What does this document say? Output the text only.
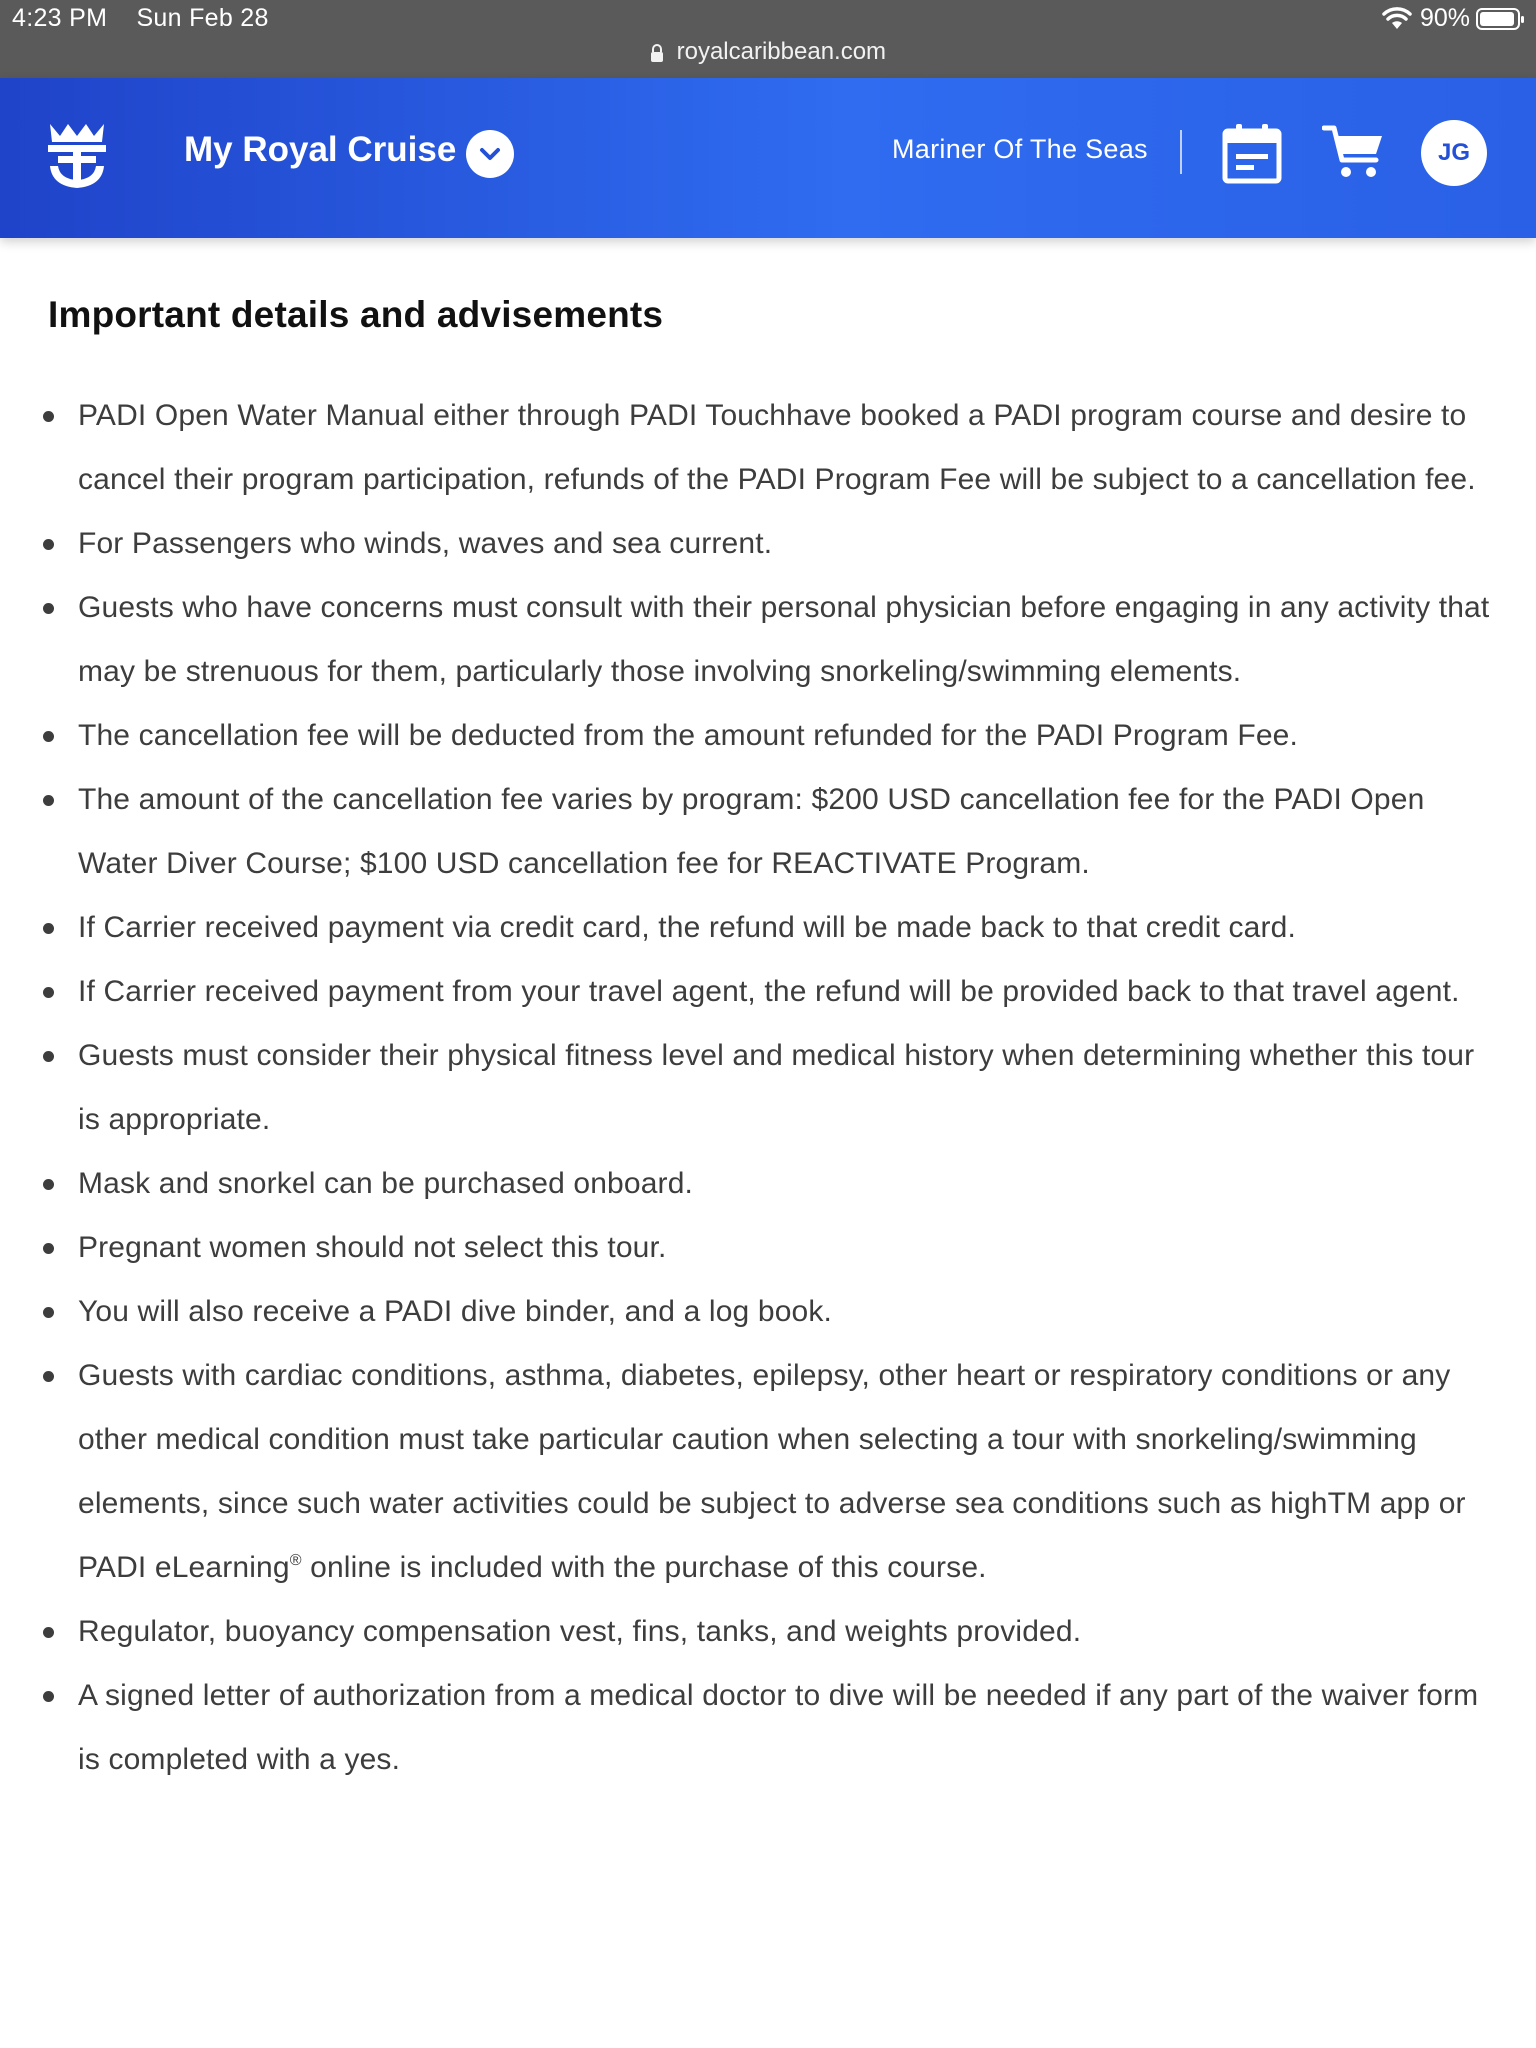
4:23 PM Sun Feb 28	90%
royalcaribbean.com
My Royal Cruise	Mariner Of The Seas	JG
Important details and advisements
PADI Open Water Manual either through PADI Touchhave booked a PADI program course and desire to cancel their program participation, refunds of the PADI Program Fee will be subject to a cancellation fee.
For Passengers who winds, waves and sea current.
Guests who have concerns must consult with their personal physician before engaging in any activity that may be strenuous for them, particularly those involving snorkeling/swimming elements.
The cancellation fee will be deducted from the amount refunded for the PADI Program Fee.
The amount of the cancellation fee varies by program: $200 USD cancellation fee for the PADI Open Water Diver Course; $100 USD cancellation fee for REACTIVATE Program.
If Carrier received payment via credit card, the refund will be made back to that credit card.
If Carrier received payment from your travel agent, the refund will be provided back to that travel agent.
Guests must consider their physical fitness level and medical history when determining whether this tour is appropriate.
Mask and snorkel can be purchased onboard.
Pregnant women should not select this tour.
You will also receive a PADI dive binder, and a log book.
Guests with cardiac conditions, asthma, diabetes, epilepsy, other heart or respiratory conditions or any other medical condition must take particular caution when selecting a tour with snorkeling/swimming elements, since such water activities could be subject to adverse sea conditions such as highTM app or PADI eLearning® online is included with the purchase of this course.
Regulator, buoyancy compensation vest, fins, tanks, and weights provided.
A signed letter of authorization from a medical doctor to dive will be needed if any part of the waiver form is completed with a yes.
